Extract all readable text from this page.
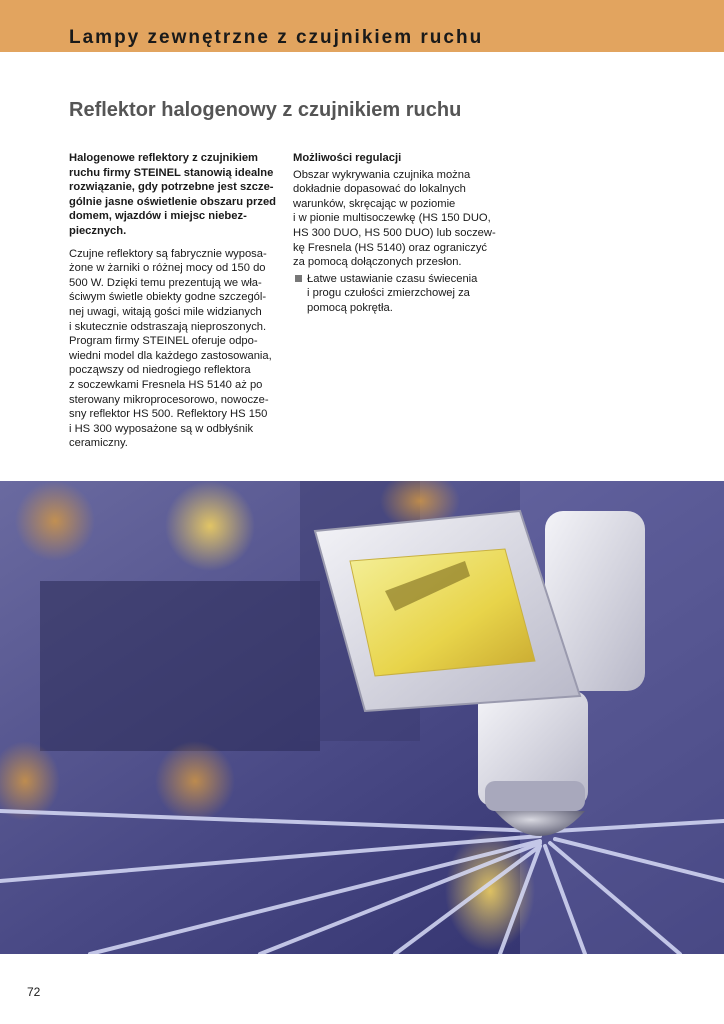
Lampy zewnętrzne z czujnikiem ruchu
Reflektor halogenowy z czujnikiem ruchu

Halogenowe reflektory z czujnikiem
ruchu firmy STEINEL stanowią idealne
rozwiązanie, gdy potrzebne jest szcze-
gólnie jasne oświetlenie obszaru przed
domem, wjazdów i miejsc niebez-
piecznych.

Czujne reflektory są fabrycznie wyposa-
żone w żarniki o różnej mocy od 150 do
500 W. Dzięki temu prezentują we wła-
ściwym świetle obiekty godne szczegól-
nej uwagi, witają gości mile widzianych
i skutecznie odstraszają nieproszonych.
Program firmy STEINEL oferuje odpo-
wiedni model dla każdego zastosowania,
począwszy od niedrogiego reflektora
z soczewkami Fresnela HS 5140 aż po
sterowany mikroprocesorowo, nowocze-
sny reflektor HS 500. Reflektory HS 150
i HS 300 wyposażone są w odbłyśnik
ceramiczny.

Możliwości regulacji

Obszar wykrywania czujnika można
dokładnie dopasować do lokalnych
warunków, skręcając w poziomie
i w pionie multisoczewkę (HS 150 DUO,
HS 300 DUO, HS 500 DUO) lub soczew-
kę Fresnela (HS 5140) oraz ograniczyć
za pomocą dołączonych przesłon.

Łatwe ustawianie czasu świecenia
i progu czułości zmierzchowej za
pomocą pokrętła.

72
